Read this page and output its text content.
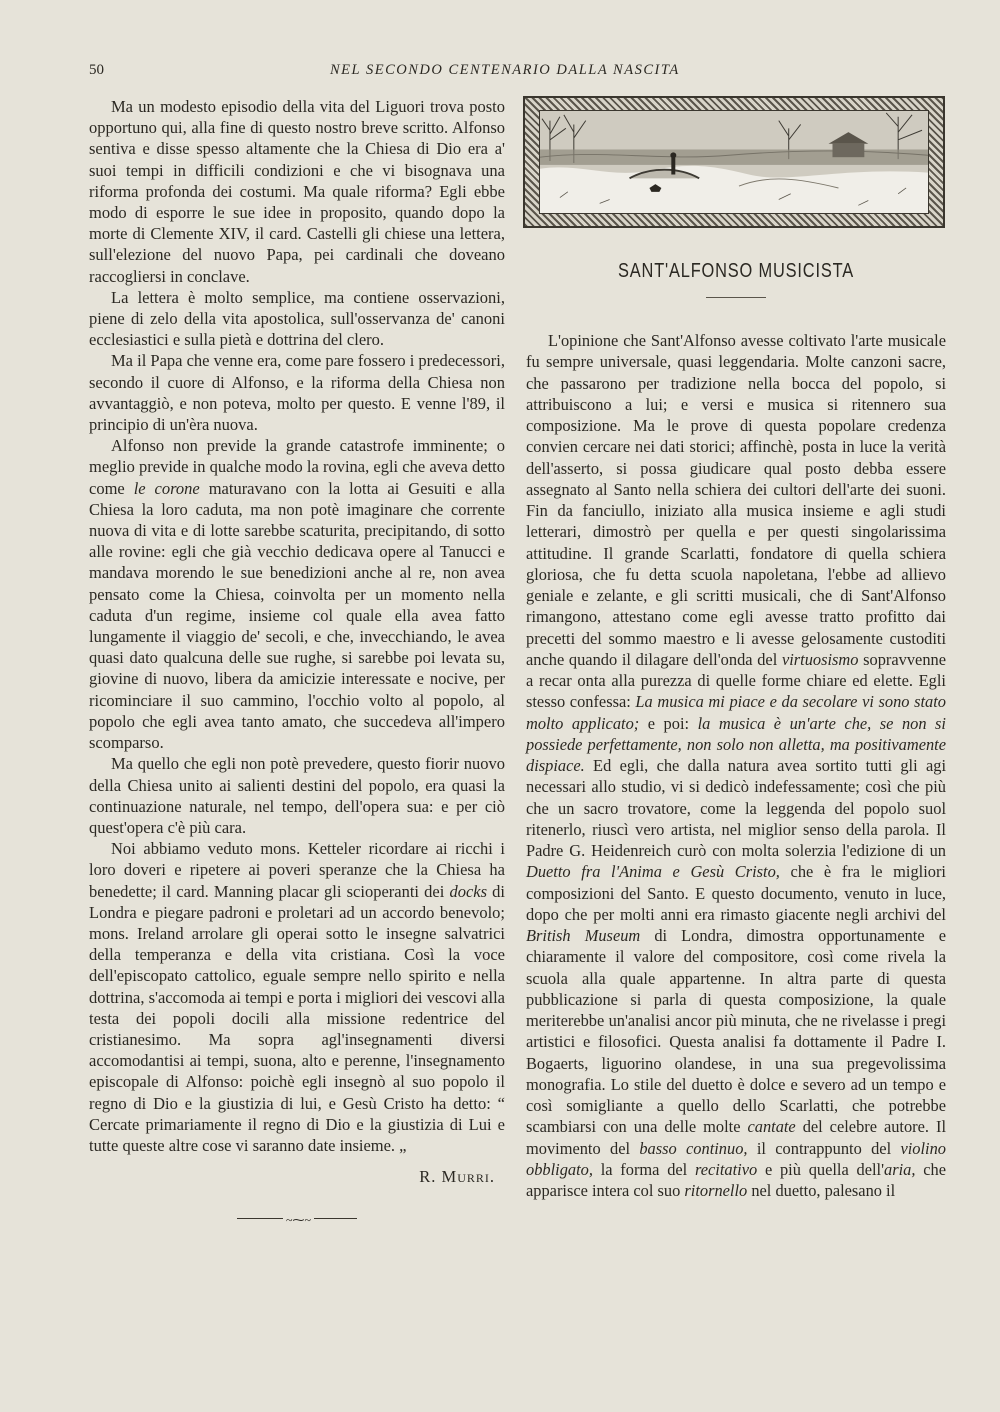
50	NEL SECONDO CENTENARIO DALLA NASCITA

Ma un modesto episodio della vita del Liguori trova posto opportuno qui, alla fine di questo nostro breve scritto. Alfonso sentiva e disse spesso altamente che la Chiesa di Dio era a' suoi tempi in difficili condizioni e che vi bisognava una riforma profonda dei costumi. Ma quale riforma? Egli ebbe modo di esporre le sue idee in proposito, quando dopo la morte di Clemente XIV, il card. Castelli gli chiese una lettera, sull'elezione del nuovo Papa, pei cardinali che doveano raccogliersi in conclave.

La lettera è molto semplice, ma contiene osservazioni, piene di zelo della vita apostolica, sull'osservanza de' canoni ecclesiastici e sulla pietà e dottrina del clero.

Ma il Papa che venne era, come pare fossero i predecessori, secondo il cuore di Alfonso, e la riforma della Chiesa non avvantaggiò, e non poteva, molto per questo. E venne l'89, il principio di un'èra nuova.

Alfonso non previde la grande catastrofe imminente; o meglio previde in qualche modo la rovina, egli che aveva detto come le corone maturavano con la lotta ai Gesuiti e alla Chiesa la loro caduta, ma non potè imaginare che corrente nuova di vita e di lotte sarebbe scaturita, precipitando, di sotto alle rovine: egli che già vecchio dedicava opere al Tanucci e mandava morendo le sue benedizioni anche al re, non avea pensato come la Chiesa, coinvolta per un momento nella caduta d'un regime, insieme col quale ella avea fatto lungamente il viaggio de' secoli, e che, invecchiando, le avea quasi dato qualcuna delle sue rughe, si sarebbe poi levata su, giovine di nuovo, libera da amicizie interessate e nocive, per ricominciare il suo cammino, l'occhio volto al popolo, al popolo che egli avea tanto amato, che succedeva all'impero scomparso.

Ma quello che egli non potè prevedere, questo fiorir nuovo della Chiesa unito ai salienti destini del popolo, era quasi la continuazione naturale, nel tempo, dell'opera sua: e per ciò quest'opera c'è più cara.

Noi abbiamo veduto mons. Ketteler ricordare ai ricchi i loro doveri e ripetere ai poveri speranze che la Chiesa ha benedette; il card. Manning placar gli scioperanti dei docks di Londra e piegare padroni e proletari ad un accordo benevolo; mons. Ireland arrolare gli operai sotto le insegne salvatrici della temperanza e della vita cristiana. Così la voce dell'episcopato cattolico, eguale sempre nello spirito e nella dottrina, s'accomoda ai tempi e porta i migliori dei vescovi alla testa dei popoli docili alla missione redentrice del cristianesimo. Ma sopra agl'insegnamenti diversi accomodantisi ai tempi, suona, alto e perenne, l'insegnamento episcopale di Alfonso: poichè egli insegnò al suo popolo il regno di Dio e la giustizia di lui, e Gesù Cristo ha detto: “ Cercate primariamente il regno di Dio e la giustizia di Lui e tutte queste altre cose vi saranno date insieme. „

R. Murri.
~⁓~
SANT'ALFONSO MUSICISTA

L'opinione che Sant'Alfonso avesse coltivato l'arte musicale fu sempre universale, quasi leggendaria. Molte canzoni sacre, che passarono per tradizione nella bocca del popolo, si attribuiscono a lui; e versi e musica si ritennero sua composizione. Ma le prove di questa popolare credenza convien cercare nei dati storici; affinchè, posta in luce la verità dell'asserto, si possa giudicare qual posto debba essere assegnato al Santo nella schiera dei cultori dell'arte dei suoni. Fin da fanciullo, iniziato alla musica insieme e agli studi letterari, dimostrò per quella e per questi singolarissima attitudine. Il grande Scarlatti, fondatore di quella schiera gloriosa, che fu detta scuola napoletana, l'ebbe ad allievo geniale e zelante, e gli scritti musicali, che di Sant'Alfonso rimangono, attestano come egli avesse tratto profitto dai precetti del sommo maestro e li avesse gelosamente custoditi anche quando il dilagare dell'onda del virtuosismo sopravvenne a recar onta alla purezza di quelle forme chiare ed elette. Egli stesso confessa: La musica mi piace e da secolare vi sono stato molto applicato; e poi: la musica è un'arte che, se non si possiede perfettamente, non solo non alletta, ma positivamente dispiace. Ed egli, che dalla natura avea sortito tutti gli agi necessari allo studio, vi si dedicò indefessamente; così che più che un sacro trovatore, come la leggenda del popolo suol ritenerlo, riuscì vero artista, nel miglior senso della parola. Il Padre G. Heidenreich curò con molta solerzia l'edizione di un Duetto fra l'Anima e Gesù Cristo, che è fra le migliori composizioni del Santo. E questo documento, venuto in luce, dopo che per molti anni era rimasto giacente negli archivi del British Museum di Londra, dimostra opportunamente e chiaramente il valore del compositore, così come rivela la scuola alla quale appartenne. In altra parte di questa pubblicazione si parla di questa composizione, la quale meriterebbe un'analisi ancor più minuta, che ne rivelasse i pregi artistici e filosofici. Questa analisi fa dottamente il Padre I. Bogaerts, liguorino olandese, in una sua pregevolissima monografia. Lo stile del duetto è dolce e severo ad un tempo e così somigliante a quello dello Scarlatti, che potrebbe scambiarsi con una delle molte cantate del celebre autore. Il movimento del basso continuo, il contrappunto del violino obbligato, la forma del recitativo e più quella dell'aria, che apparisce intera col suo ritornello nel duetto, palesano il
